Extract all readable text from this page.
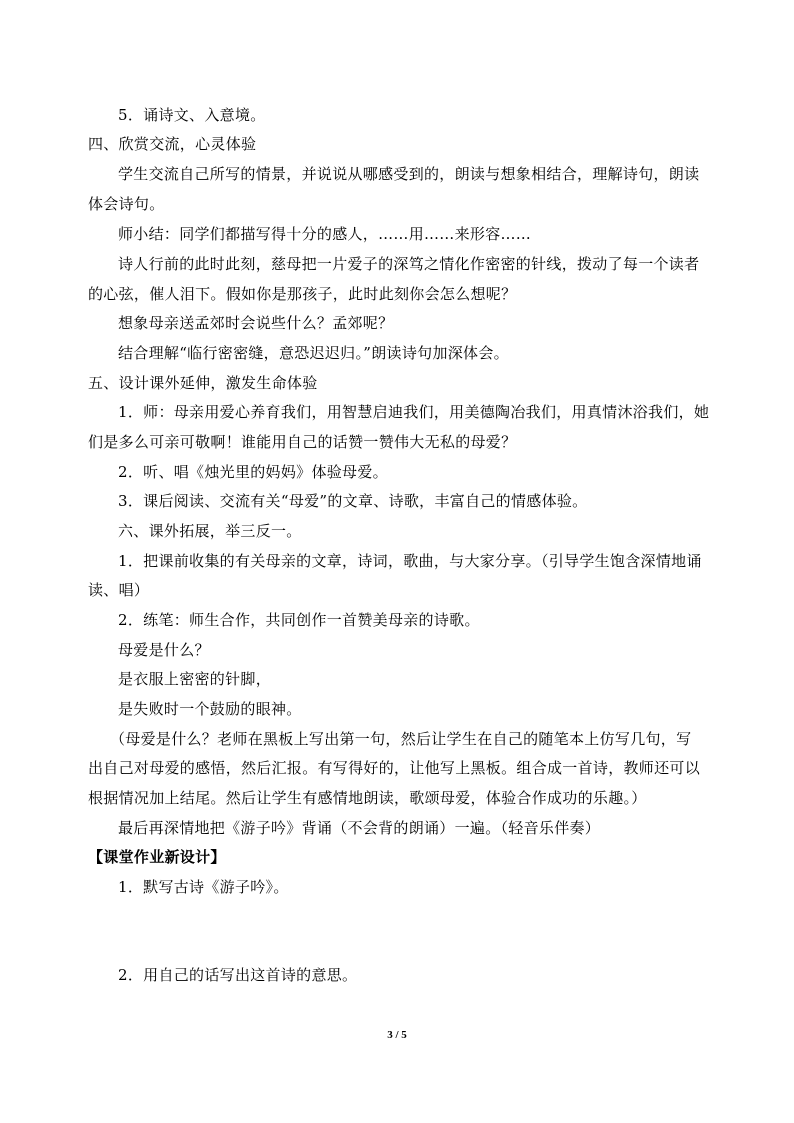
5．诵诗文、入意境。
四、欣赏交流，心灵体验
学生交流自己所写的情景，并说说从哪感受到的，朗读与想象相结合，理解诗句，朗读
体会诗句。
师小结：同学们都描写得十分的感人，……用……来形容……
诗人行前的此时此刻，慈母把一片爱子的深笃之情化作密密的针线，拨动了每一个读者
的心弦，催人泪下。假如你是那孩子，此时此刻你会怎么想呢？
想象母亲送孟郊时会说些什么？孟郊呢？
结合理解“临行密密缝，意恐迟迟归。”朗读诗句加深体会。
五、设计课外延伸，激发生命体验
1．师：母亲用爱心养育我们，用智慧启迪我们，用美德陶冶我们，用真情沐浴我们，她
们是多么可亲可敬啊！谁能用自己的话赞一赞伟大无私的母爱？
2．听、唱《烛光里的妈妈》体验母爱。
3．课后阅读、交流有关“母爱”的文章、诗歌，丰富自己的情感体验。
六、课外拓展，举三反一。
1．把课前收集的有关母亲的文章，诗词，歌曲，与大家分享。（引导学生饱含深情地诵
读、唱）
2．练笔：师生合作，共同创作一首赞美母亲的诗歌。
母爱是什么？
是衣服上密密的针脚，
是失败时一个鼓励的眼神。
（母爱是什么？老师在黑板上写出第一句，然后让学生在自己的随笔本上仿写几句，写
出自己对母爱的感悟，然后汇报。有写得好的，让他写上黑板。组合成一首诗，教师还可以
根据情况加上结尾。然后让学生有感情地朗读，歌颂母爱，体验合作成功的乐趣。）
最后再深情地把《游子吟》背诵（不会背的朗诵）一遍。（轻音乐伴奏）
【课堂作业新设计】
1．默写古诗《游子吟》。
2．用自己的话写出这首诗的意思。
3 / 5
